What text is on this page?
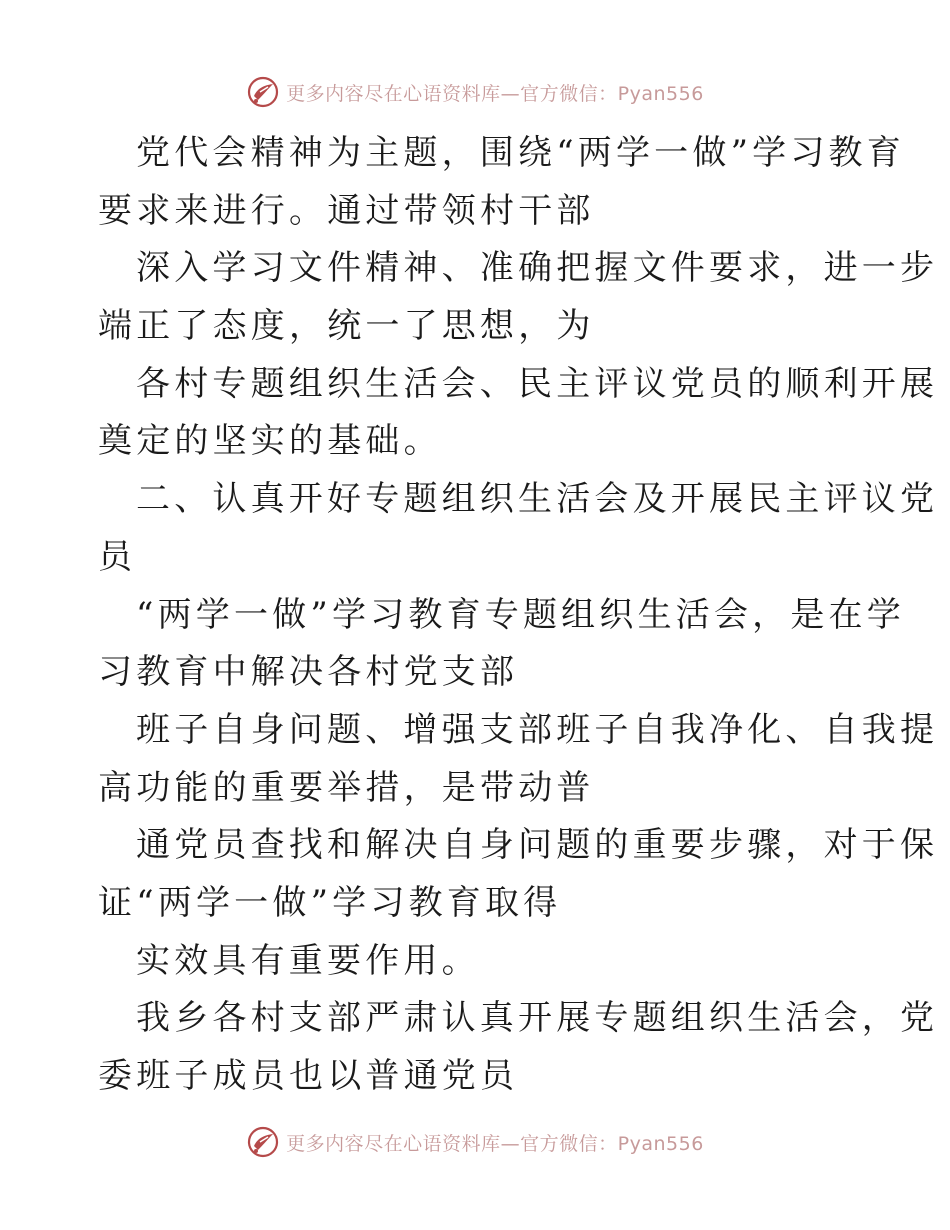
更多内容尽在心语资料库—官方微信：Pyan556
党代会精神为主题，围绕“两学一做”学习教育
要求来进行。通过带领村干部
深入学习文件精神、准确把握文件要求，进一步
端正了态度，统一了思想，为
各村专题组织生活会、民主评议党员的顺利开展
奠定的坚实的基础。
二、认真开好专题组织生活会及开展民主评议党
员
“两学一做”学习教育专题组织生活会，是在学
习教育中解决各村党支部
班子自身问题、增强支部班子自我净化、自我提
高功能的重要举措，是带动普
通党员查找和解决自身问题的重要步骤，对于保
证“两学一做”学习教育取得
实效具有重要作用。
我乡各村支部严肃认真开展专题组织生活会，党
委班子成员也以普通党员
更多内容尽在心语资料库—官方微信：Pyan556
